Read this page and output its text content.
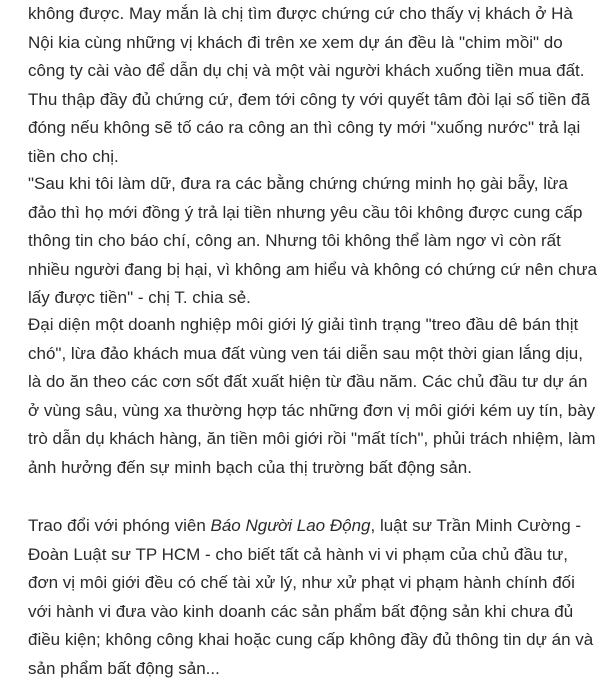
không được. May mắn là chị tìm được chứng cứ cho thấy vị khách ở Hà Nội kia cùng những vị khách đi trên xe xem dự án đều là "chim mồi" do công ty cài vào để dẫn dụ chị và một vài người khách xuống tiền mua đất. Thu thập đầy đủ chứng cứ, đem tới công ty với quyết tâm đòi lại số tiền đã đóng nếu không sẽ tố cáo ra công an thì công ty mới "xuống nước" trả lại tiền cho chị.

"Sau khi tôi làm dữ, đưa ra các bằng chứng chứng minh họ gài bẫy, lừa đảo thì họ mới đồng ý trả lại tiền nhưng yêu cầu tôi không được cung cấp thông tin cho báo chí, công an. Nhưng tôi không thể làm ngơ vì còn rất nhiều người đang bị hại, vì không am hiểu và không có chứng cứ nên chưa lấy được tiền" - chị T. chia sẻ.

Đại diện một doanh nghiệp môi giới lý giải tình trạng "treo đầu dê bán thịt chó", lừa đảo khách mua đất vùng ven tái diễn sau một thời gian lắng dịu, là do ăn theo các cơn sốt đất xuất hiện từ đầu năm. Các chủ đầu tư dự án ở vùng sâu, vùng xa thường hợp tác những đơn vị môi giới kém uy tín, bày trò dẫn dụ khách hàng, ăn tiền môi giới rồi "mất tích", phủi trách nhiệm, làm ảnh hưởng đến sự minh bạch của thị trường bất động sản.

Trao đổi với phóng viên Báo Người Lao Động, luật sư Trần Minh Cường - Đoàn Luật sư TP HCM - cho biết tất cả hành vi vi phạm của chủ đầu tư, đơn vị môi giới đều có chế tài xử lý, như xử phạt vi phạm hành chính đối với hành vi đưa vào kinh doanh các sản phẩm bất động sản khi chưa đủ điều kiện; không công khai hoặc cung cấp không đầy đủ thông tin dự án và sản phẩm bất động sản...
